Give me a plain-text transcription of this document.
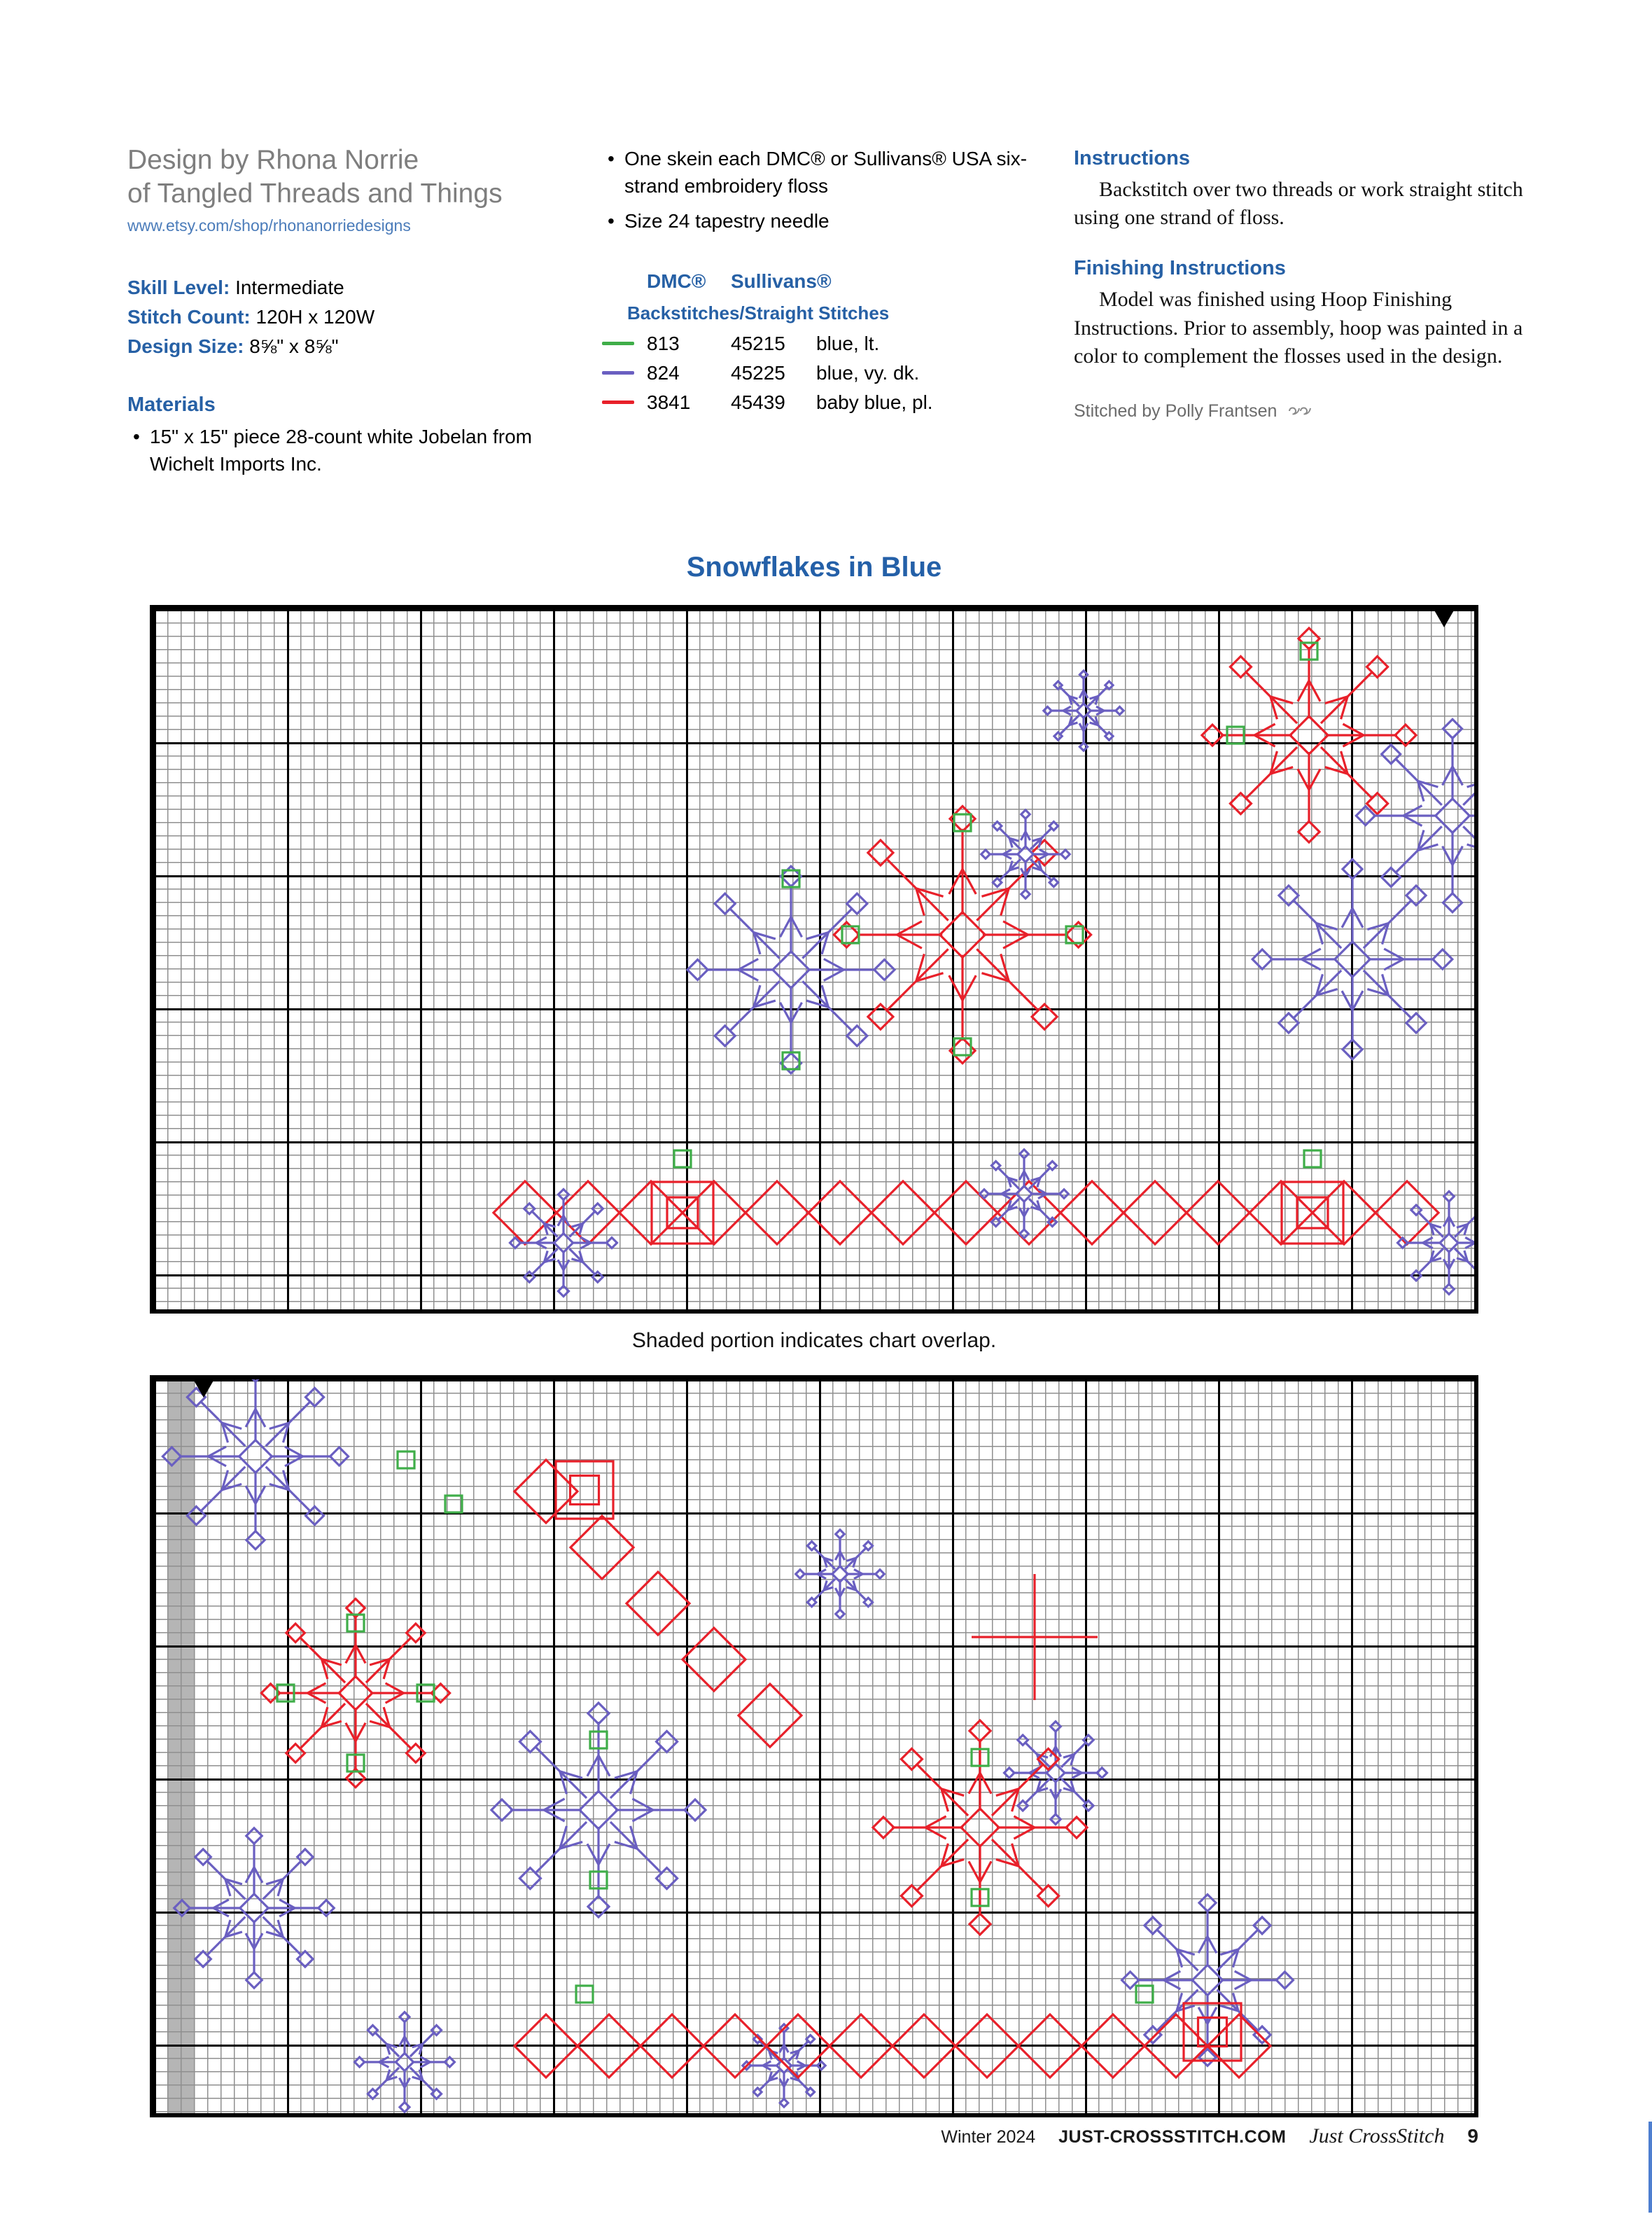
Design by Rhona Norrie
of Tangled Threads and Things
www.etsy.com/shop/rhonanorriedesigns
Skill Level: Intermediate
Stitch Count: 120H x 120W
Design Size: 8⅝" x 8⅝"
Materials
• 15" x 15" piece 28-count white Jobelan from Wichelt Imports Inc.
• One skein each DMC® or Sullivans® USA six-strand embroidery floss
• Size 24 tapestry needle
DMC®	Sullivans®
Backstitches/Straight Stitches
813	45215	blue, lt.
824	45225	blue, vy. dk.
3841	45439	baby blue, pl.
Instructions

Backstitch over two threads or work straight stitch using one strand of floss.

Finishing Instructions

Model was finished using Hoop Finishing Instructions. Prior to assembly, hoop was painted in a color to complement the flosses used in the design.

Stitched by Polly Frantsen
Snowflakes in Blue
Shaded portion indicates chart overlap.
Winter 2024 JUST-CROSSSTITCH.COM Just CrossStitch 9
